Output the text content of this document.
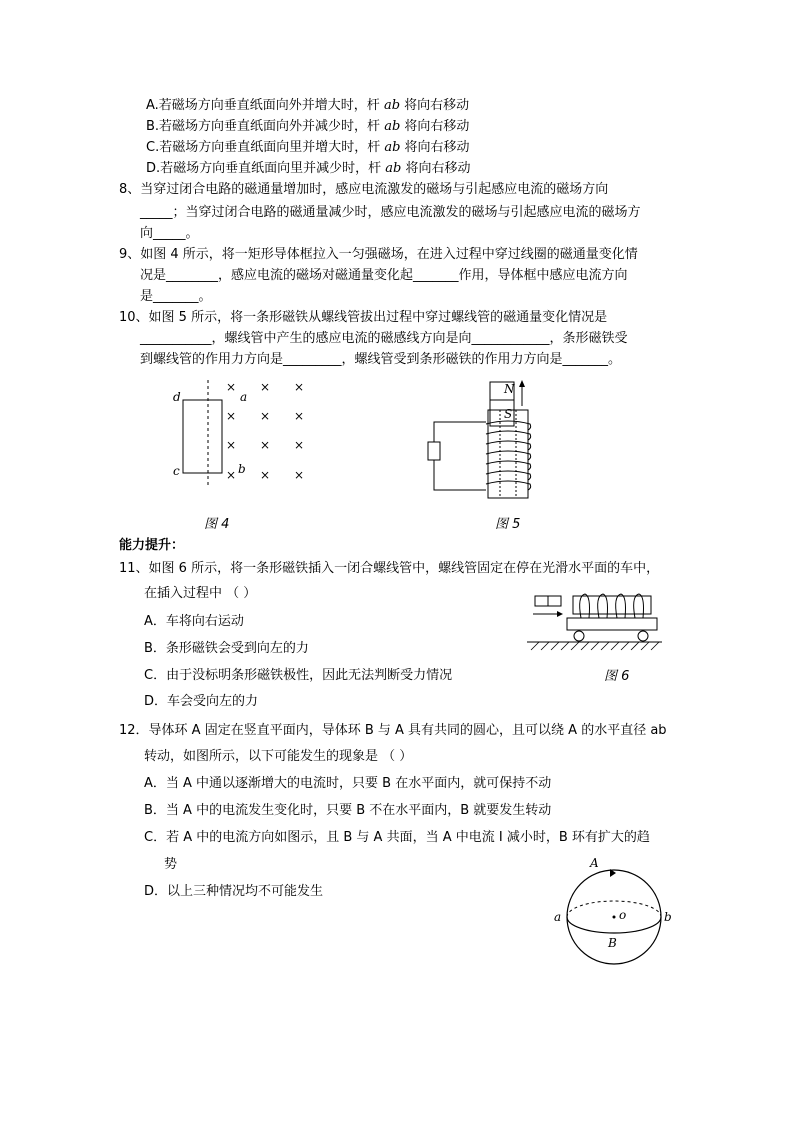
A.若磁场方向垂直纸面向外并增大时，杆 ab 将向右移动
B.若磁场方向垂直纸面向外并减少时，杆 ab 将向右移动
C.若磁场方向垂直纸面向里并增大时，杆 ab 将向右移动
D.若磁场方向垂直纸面向里并减少时，杆 ab 将向右移动
8、当穿过闭合电路的磁通量增加时，感应电流激发的磁场与引起感应电流的磁场方向
_____；当穿过闭合电路的磁通量减少时，感应电流激发的磁场与引起感应电流的磁场方
向_____。
9、如图 4 所示，将一矩形导体框拉入一匀强磁场，在进入过程中穿过线圈的磁通量变化情
况是________，感应电流的磁场对磁通量变化起_______作用，导体框中感应电流方向
是_______。
10、如图 5 所示，将一条形磁铁从螺线管拔出过程中穿过螺线管的磁通量变化情况是
___________，螺线管中产生的感应电流的磁感线方向是向____________，条形磁铁受
到螺线管的作用力方向是_________，螺线管受到条形磁铁的作用力方向是_______。
d	a
c	b
× × ×
× × ×
× × ×
× × ×
图 4
N
S
图 5
能力提升：
11、如图 6 所示，将一条形磁铁插入一闭合螺线管中，螺线管固定在停在光滑水平面的车中，
在插入过程中 （ ）
A．车将向右运动
B．条形磁铁会受到向左的力
C．由于没标明条形磁铁极性，因此无法判断受力情况
D．车会受向左的力
图 6
12．导体环 A 固定在竖直平面内，导体环 B 与 A 具有共同的圆心，且可以绕 A 的水平直径 ab
转动，如图所示，以下可能发生的现象是 （ ）
A．当 A 中通以逐渐增大的电流时，只要 B 在水平面内，就可保持不动
B．当 A 中的电流发生变化时，只要 B 不在水平面内，B 就要发生转动
C．若 A 中的电流方向如图示，且 B 与 A 共面，当 A 中电流 I 减小时，B 环有扩大的趋
势
D．以上三种情况均不可能发生
A
B
a	b
o
